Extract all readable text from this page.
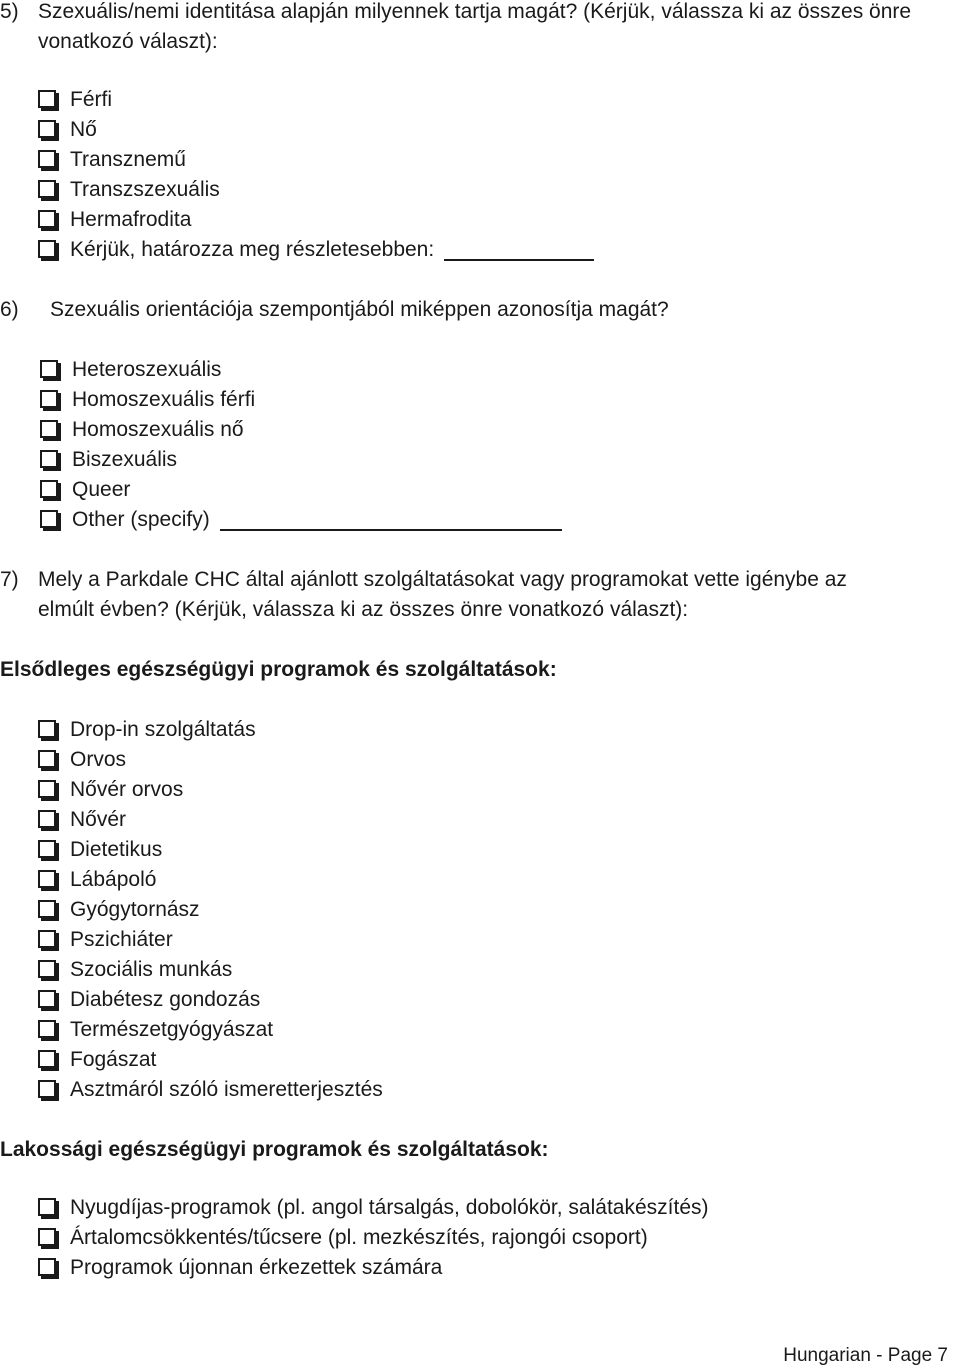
5) Szexuális/nemi identitása alapján milyennek tartja magát? (Kérjük, válassza ki az összes önre
vonatkozó választ):
Férfi
Nő
Transznemű
Transzszexuális
Hermafrodita
Kérjük, határozza meg részletesebben:
6) Szexuális orientációja szempontjából miképpen azonosítja magát?
Heteroszexuális
Homoszexuális férfi
Homoszexuális nő
Biszexuális
Queer
Other (specify)
7) Mely a Parkdale CHC által ajánlott szolgáltatásokat vagy programokat vette igénybe az
elmúlt évben? (Kérjük, válassza ki az összes önre vonatkozó választ):
Elsődleges egészségügyi programok és szolgáltatások:
Drop-in szolgáltatás
Orvos
Nővér orvos
Nővér
Dietetikus
Lábápoló
Gyógytornász
Pszichiáter
Szociális munkás
Diabétesz gondozás
Természetgyógyászat
Fogászat
Asztmáról szóló ismeretterjesztés
Lakossági egészségügyi programok és szolgáltatások:
Nyugdíjas-programok (pl. angol társalgás, dobolókör, salátakészítés)
Ártalomcsökkentés/tűcsere (pl. mezkészítés, rajongói csoport)
Programok újonnan érkezettek számára
Hungarian - Page 7
